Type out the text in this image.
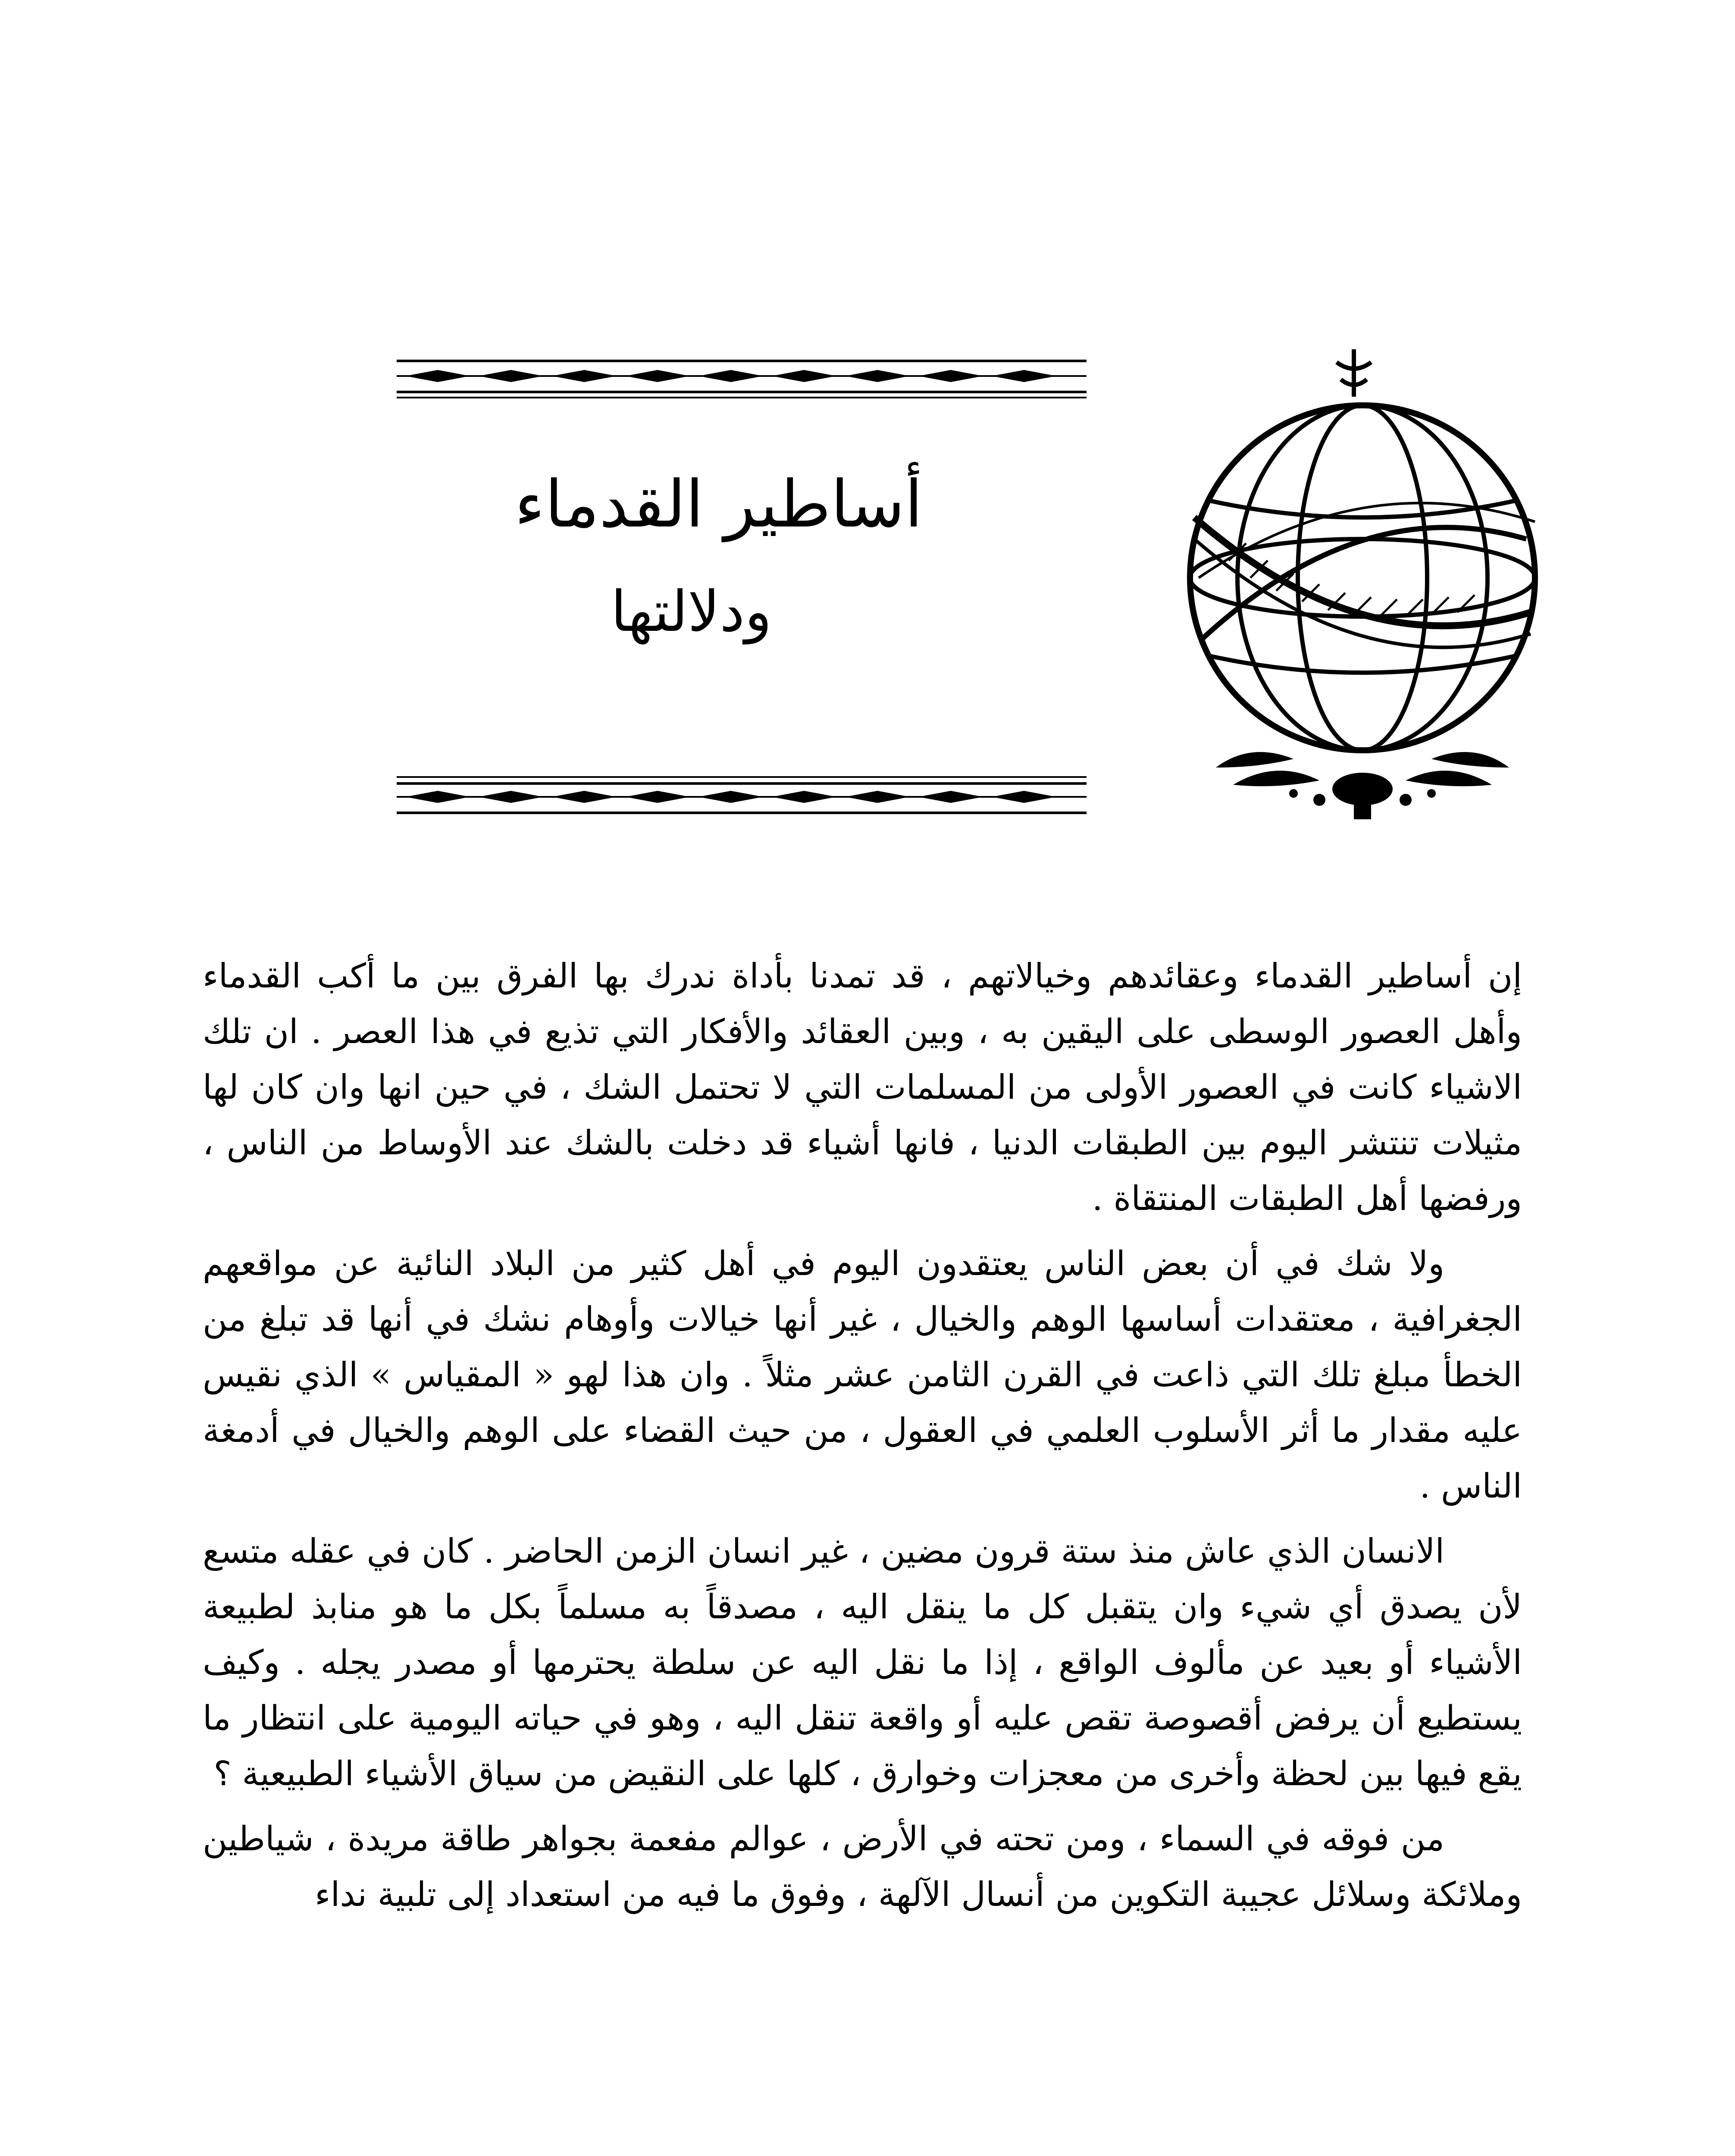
أساطير القدماء
ودلالتها

إن أساطير القدماء وعقائدهم وخيالاتهم ، قد تمدنا بأداة ندرك بها الفرق بين ما أكب القدماء وأهل العصور الوسطى على اليقين به ، وبين العقائد والأفكار التي تذيع في هذا العصر . ان تلك الاشياء كانت في العصور الأولى من المسلمات التي لا تحتمل الشك ، في حين انها وان كان لها مثيلات تنتشر اليوم بين الطبقات الدنيا ، فانها أشياء قد دخلت بالشك عند الأوساط من الناس ، ورفضها أهل الطبقات المنتقاة .

ولا شك في أن بعض الناس يعتقدون اليوم في أهل كثير من البلاد النائية عن مواقعهم الجغرافية ، معتقدات أساسها الوهم والخيال ، غير أنها خيالات وأوهام نشك في أنها قد تبلغ من الخطأ مبلغ تلك التي ذاعت في القرن الثامن عشر مثلاً . وان هذا لهو « المقياس » الذي نقيس عليه مقدار ما أثر الأسلوب العلمي في العقول ، من حيث القضاء على الوهم والخيال في أدمغة الناس .

الانسان الذي عاش منذ ستة قرون مضين ، غير انسان الزمن الحاضر . كان في عقله متسع لأن يصدق أي شيء وان يتقبل كل ما ينقل اليه ، مصدقاً به مسلماً بكل ما هو منابذ لطبيعة الأشياء أو بعيد عن مألوف الواقع ، إذا ما نقل اليه عن سلطة يحترمها أو مصدر يجله . وكيف يستطيع أن يرفض أقصوصة تقص عليه أو واقعة تنقل اليه ، وهو في حياته اليومية على انتظار ما يقع فيها بين لحظة وأخرى من معجزات وخوارق ، كلها على النقيض من سياق الأشياء الطبيعية ؟

من فوقه في السماء ، ومن تحته في الأرض ، عوالم مفعمة بجواهر طاقة مريدة ، شياطين وملائكة وسلائل عجيبة التكوين من أنسال الآلهة ، وفوق ما فيه من استعداد إلى تلبية نداء
